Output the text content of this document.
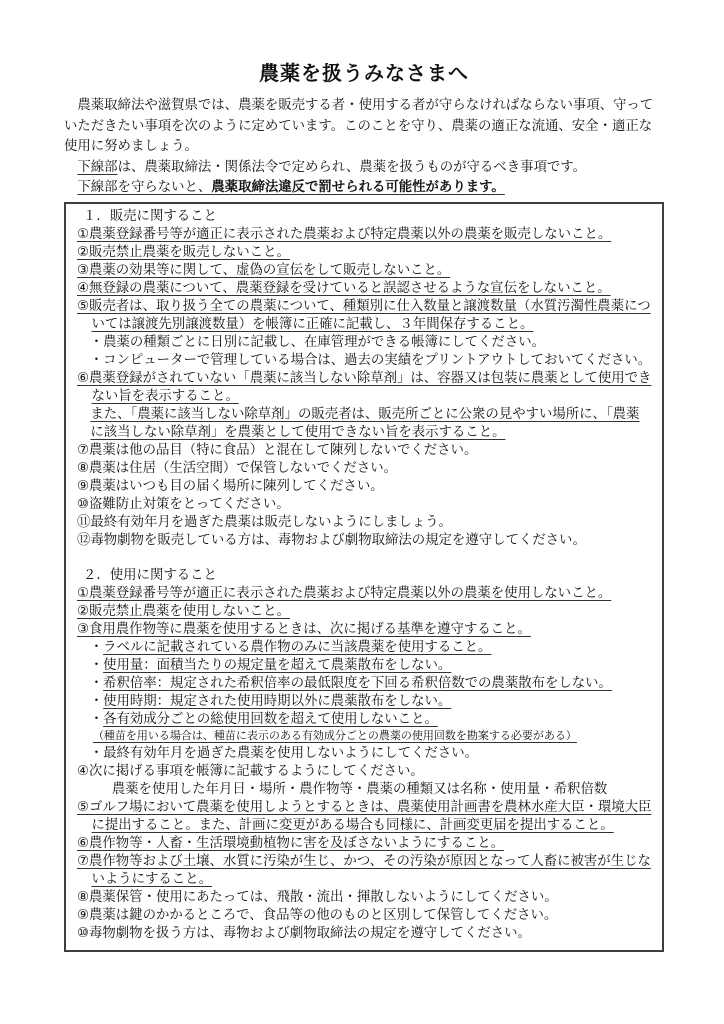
農薬を扱うみなさまへ

農薬取締法や滋賀県では、農薬を販売する者・使用する者が守らなければならない事項、守っていただきたい事項を次のように定めています。このことを守り、農薬の適正な流通、安全・適正な使用に努めましょう。

下線部は、農薬取締法・関係法令で定められ、農薬を扱うものが守るべき事項です。

下線部を守らないと、農薬取締法違反で罰せられる可能性があります。

１．販売に関すること
①農薬登録番号等が適正に表示された農薬および特定農薬以外の農薬を販売しないこと。
②販売禁止農薬を販売しないこと。
③農薬の効果等に関して、虚偽の宣伝をして販売しないこと。
④無登録の農薬について、農薬登録を受けていると誤認させるような宣伝をしないこと。
⑤販売者は、取り扱う全ての農薬について、種類別に仕入数量と譲渡数量（水質汚濁性農薬については譲渡先別譲渡数量）を帳簿に正確に記載し、３年間保存すること。
・農薬の種類ごとに日別に記載し、在庫管理ができる帳簿にしてください。
・コンピューターで管理している場合は、過去の実績をプリントアウトしておいてください。
⑥農薬登録がされていない「農薬に該当しない除草剤」は、容器又は包装に農薬として使用できない旨を表示すること。
また、「農薬に該当しない除草剤」の販売者は、販売所ごとに公衆の見やすい場所に、「農薬に該当しない除草剤」を農薬として使用できない旨を表示すること。
⑦農薬は他の品目（特に食品）と混在して陳列しないでください。
⑧農薬は住居（生活空間）で保管しないでください。
⑨農薬はいつも目の届く場所に陳列してください。
⑩盗難防止対策をとってください。
⑪最終有効年月を過ぎた農薬は販売しないようにしましょう。
⑫毒物劇物を販売している方は、毒物および劇物取締法の規定を遵守してください。
２．使用に関すること
①農薬登録番号等が適正に表示された農薬および特定農薬以外の農薬を使用しないこと。
②販売禁止農薬を使用しないこと。
③食用農作物等に農薬を使用するときは、次に掲げる基準を遵守すること。
・ラベルに記載されている農作物のみに当該農薬を使用すること。
・使用量：面積当たりの規定量を超えて農薬散布をしない。
・希釈倍率：規定された希釈倍率の最低限度を下回る希釈倍数での農薬散布をしない。
・使用時期：規定された使用時期以外に農薬散布をしない。
・各有効成分ごとの総使用回数を超えて使用しないこと。
（種苗を用いる場合は、種苗に表示のある有効成分ごとの農薬の使用回数を勘案する必要がある）
・最終有効年月を過ぎた農薬を使用しないようにしてください。
④次に掲げる事項を帳簿に記載するようにしてください。
農薬を使用した年月日・場所・農作物等・農薬の種類又は名称・使用量・希釈倍数
⑤ゴルフ場において農薬を使用しようとするときは、農薬使用計画書を農林水産大臣・環境大臣に提出すること。また、計画に変更がある場合も同様に、計画変更届を提出すること。
⑥農作物等・人畜・生活環境動植物に害を及ぼさないようにすること。
⑦農作物等および土壌、水質に汚染が生じ、かつ、その汚染が原因となって人畜に被害が生じないようにすること。
⑧農薬保管・使用にあたっては、飛散・流出・揮散しないようにしてください。
⑨農薬は鍵のかかるところで、食品等の他のものと区別して保管してください。
⑩毒物劇物を扱う方は、毒物および劇物取締法の規定を遵守してください。
